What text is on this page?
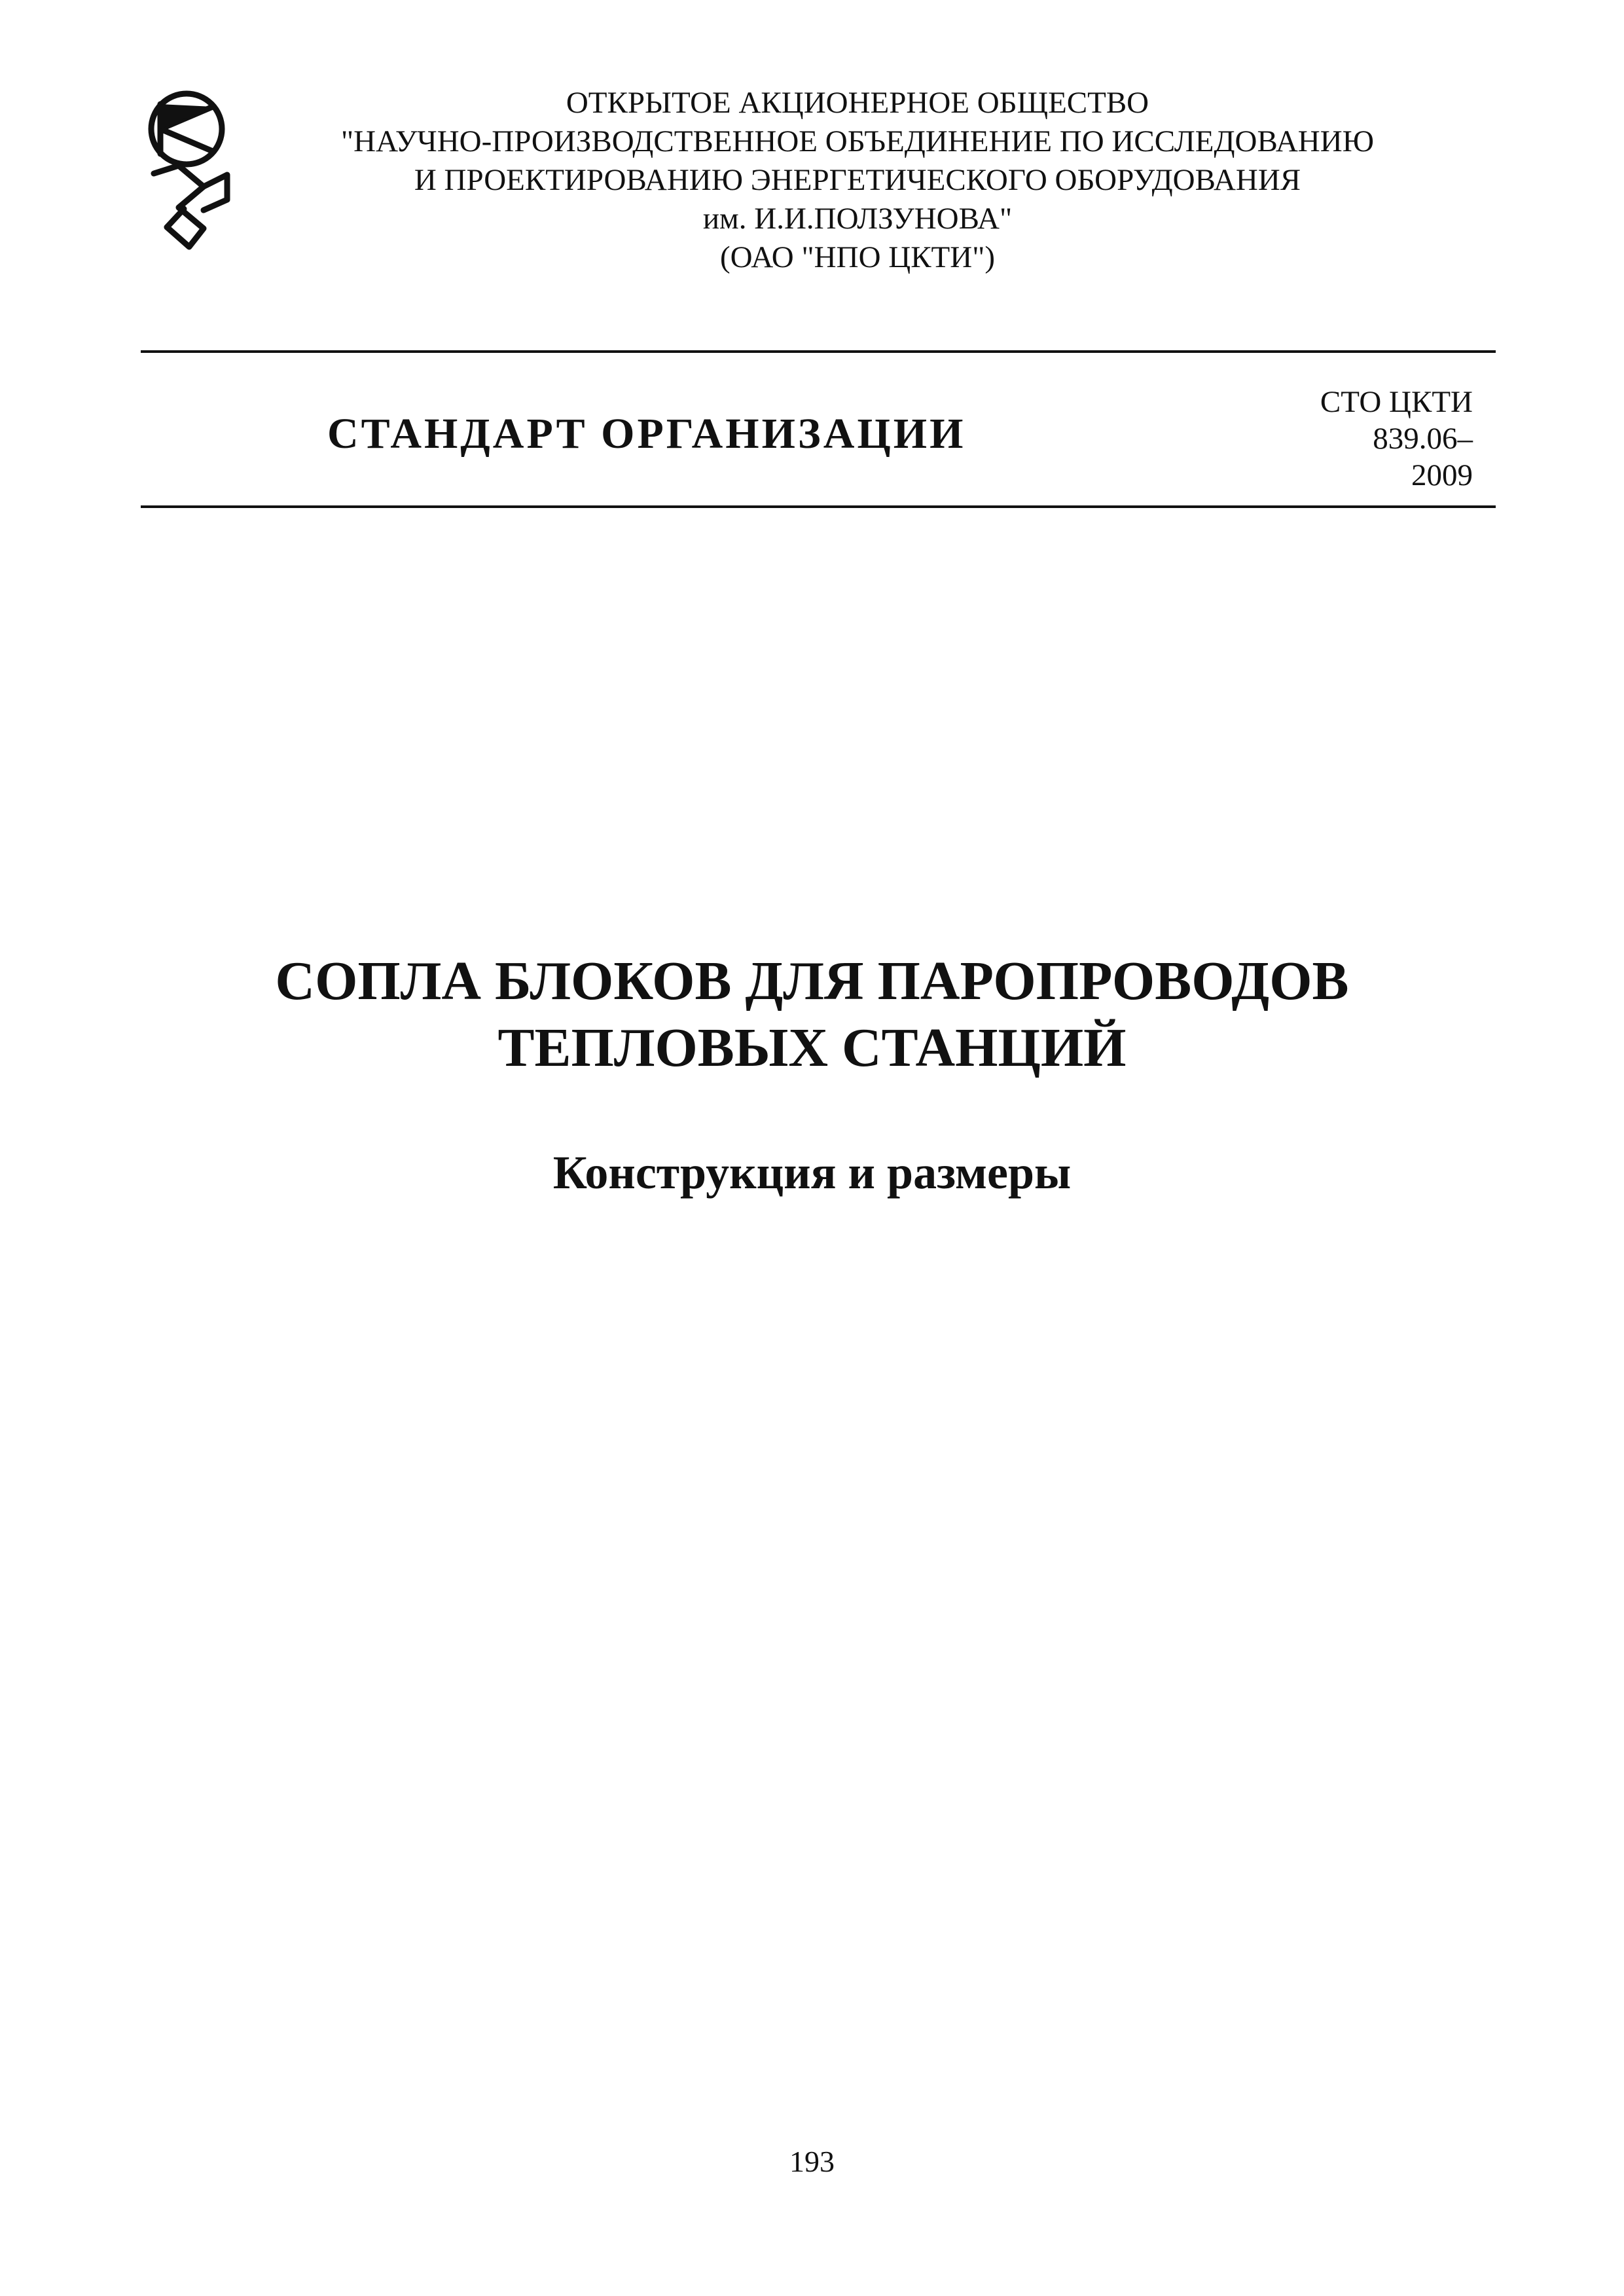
ОТКРЫТОЕ АКЦИОНЕРНОЕ ОБЩЕСТВО
"НАУЧНО-ПРОИЗВОДСТВЕННОЕ ОБЪЕДИНЕНИЕ ПО ИССЛЕДОВАНИЮ
И ПРОЕКТИРОВАНИЮ ЭНЕРГЕТИЧЕСКОГО ОБОРУДОВАНИЯ
им. И.И.ПОЛЗУНОВА"
(ОАО "НПО ЦКТИ")
СТАНДАРТ ОРГАНИЗАЦИИ
СТО ЦКТИ
839.06–
2009
СОПЛА БЛОКОВ ДЛЯ ПАРОПРОВОДОВ
ТЕПЛОВЫХ СТАНЦИЙ
Конструкция и размеры
193
